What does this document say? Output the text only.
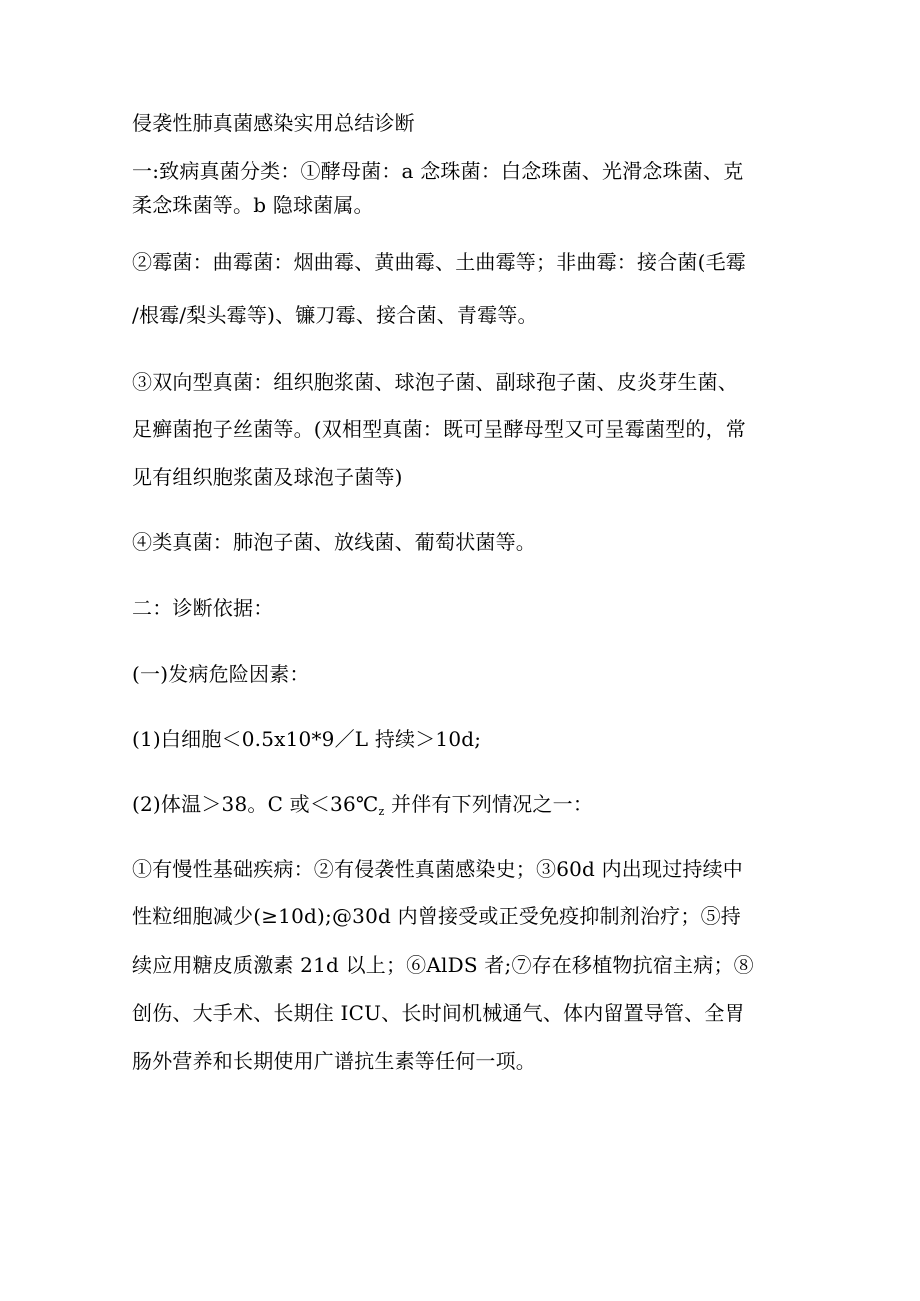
侵袭性肺真菌感染实用总结诊断
一:致病真菌分类：①酵母菌：a 念珠菌：白念珠菌、光滑念珠菌、克
柔念珠菌等。b 隐球菌属。
②霉菌：曲霉菌：烟曲霉、黄曲霉、土曲霉等；非曲霉：接合菌(毛霉
/根霉/梨头霉等)、镰刀霉、接合菌、青霉等。
③双向型真菌：组织胞浆菌、球泡子菌、副球孢子菌、皮炎芽生菌、
足癣菌抱子丝菌等。(双相型真菌：既可呈酵母型又可呈霉菌型的，常
见有组织胞浆菌及球泡子菌等)
④类真菌：肺泡子菌、放线菌、葡萄状菌等。
二：诊断依据：
(一)发病危险因素：
(1)白细胞＜0.5ⅹ10*9／L 持续＞10d;
(2)体温＞38。C 或$<36℃_z$ 并伴有下列情况之一：
①有慢性基础疾病：②有侵袭性真菌感染史；③60d 内出现过持续中
性粒细胞减少(≥10d);@30d 内曾接受或正受免疫抑制剂治疗；⑤持
续应用糖皮质激素 21d 以上；⑥AlDS 者;⑦存在移植物抗宿主病；⑧
创伤、大手术、长期住 ICU、长时间机械通气、体内留置导管、全胃
肠外营养和长期使用广谱抗生素等任何一项。
